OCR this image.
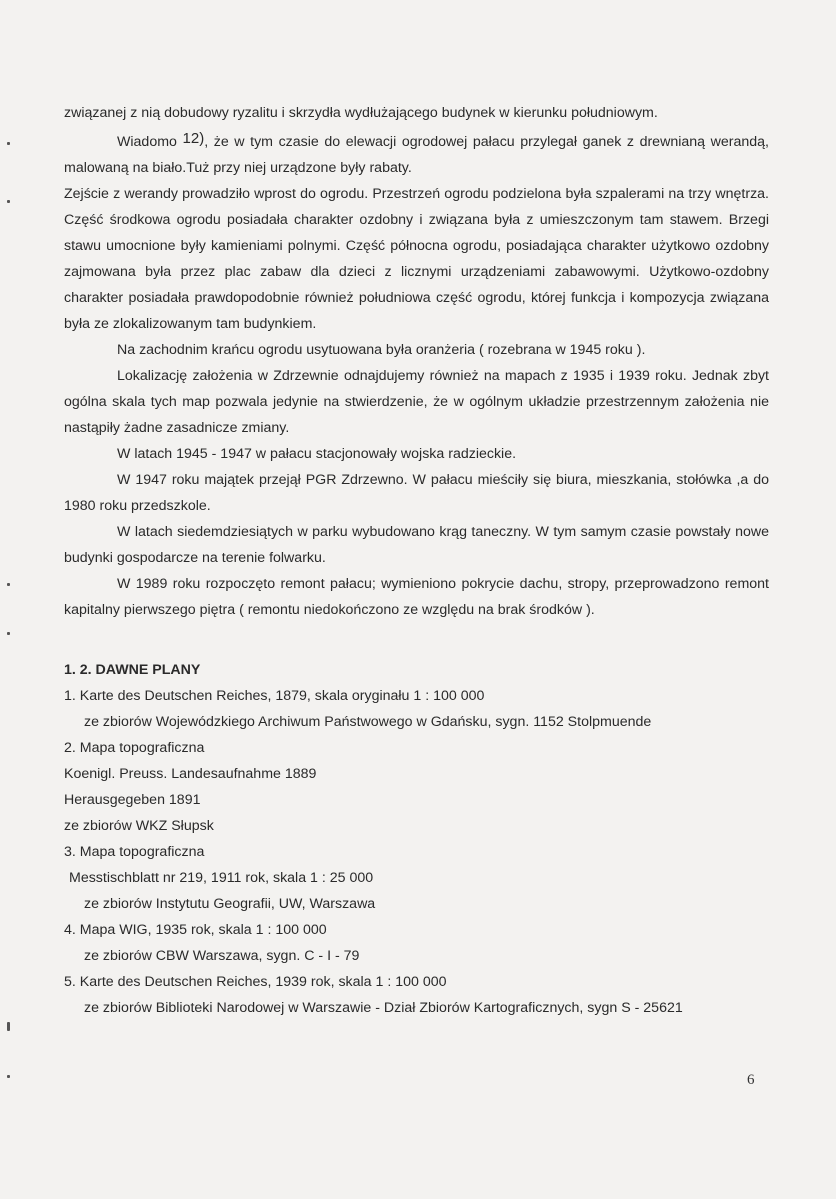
związanej z nią dobudowy ryzalitu i skrzydła wydłużającego budynek w kierunku południowym.

Wiadomo 12), że w tym czasie do elewacji ogrodowej pałacu przylegał ganek z drewnianą werandą, malowaną na biało.Tuż przy niej urządzone były rabaty.

Zejście z werandy prowadziło wprost do ogrodu. Przestrzeń ogrodu podzielona była szpalerami na trzy wnętrza. Część środkowa ogrodu posiadała charakter ozdobny i związana była z umieszczonym tam stawem. Brzegi stawu umocnione były kamieniami polnymi. Część północna ogrodu, posiadająca charakter użytkowo ozdobny zajmowana była przez plac zabaw dla dzieci z licznymi urządzeniami zabawowymi. Użytkowo-ozdobny charakter posiadała prawdopodobnie również południowa część ogrodu, której funkcja i kompozycja związana była ze zlokalizowanym tam budynkiem.

Na zachodnim krańcu ogrodu usytuowana była oranżeria ( rozebrana w 1945 roku ).

Lokalizację założenia w Zdrzewnie odnajdujemy również na mapach z 1935 i 1939 roku. Jednak zbyt ogólna skala tych map pozwala jedynie na stwierdzenie, że w ogólnym układzie przestrzennym założenia nie nastąpiły żadne zasadnicze zmiany.

W latach 1945 - 1947 w pałacu stacjonowały wojska radzieckie.

W 1947 roku majątek przejął PGR Zdrzewno. W pałacu mieściły się biura, mieszkania, stołówka ,a do 1980 roku przedszkole.

W latach siedemdziesiątych w parku wybudowano krąg taneczny. W tym samym czasie powstały nowe budynki gospodarcze na terenie folwarku.

W 1989 roku rozpoczęto remont pałacu; wymieniono pokrycie dachu, stropy, przeprowadzono remont kapitalny pierwszego piętra ( remontu niedokończono ze względu na brak środków ).

1. 2. DAWNE PLANY

1. Karte des Deutschen Reiches, 1879, skala oryginału 1 : 100 000

ze zbiorów Wojewódzkiego Archiwum Państwowego w Gdańsku, sygn. 1152 Stolpmuende

2. Mapa topograficzna

Koenigl. Preuss. Landesaufnahme 1889

Herausgegeben 1891

ze zbiorów WKZ Słupsk

3. Mapa topograficzna

Messtischblatt nr 219, 1911 rok, skala 1 : 25 000

ze zbiorów Instytutu Geografii, UW, Warszawa

4. Mapa WIG, 1935 rok, skala 1 : 100 000

ze zbiorów CBW Warszawa, sygn. C - I - 79

5. Karte des Deutschen Reiches, 1939 rok, skala 1 : 100 000

ze zbiorów Biblioteki Narodowej w Warszawie - Dział Zbiorów Kartograficznych, sygn S - 25621

6
